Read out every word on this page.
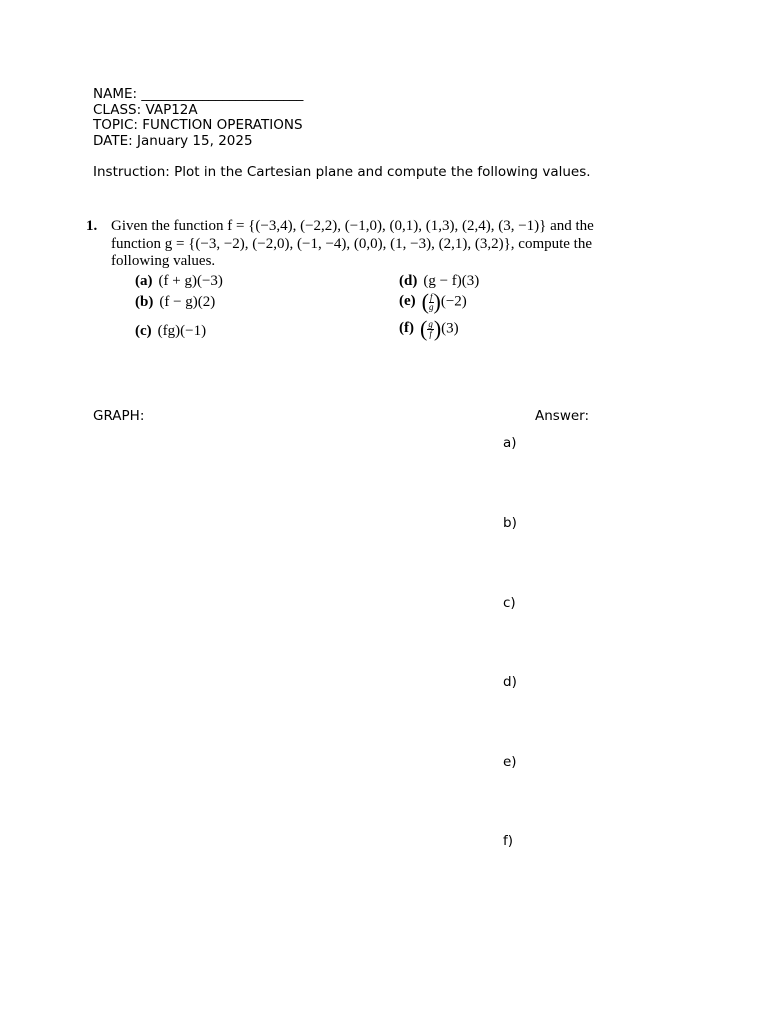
NAME: ________________________
CLASS: VAP12A
TOPIC: FUNCTION OPERATIONS
DATE: January 15, 2025
Instruction: Plot in the Cartesian plane and compute the following values.
1. Given the function f = {(−3,4), (−2,2), (−1,0), (0,1), (1,3), (2,4), (3, −1)} and the
function g = {(−3, −2), (−2,0), (−1, −4), (0,0), (1, −3), (2,1), (3,2)}, compute the
following values.
(a) (f + g)(−3)
(b) (f − g)(2)
(c) (fg)(−1)
(d) (g − f)(3)
(e) ( $\frac{f}{g} )(-2)$
(f) ( $\frac{g}{f} )(3)$
GRAPH:	Answer:
a)
b)
c)
d)
e)
f)
